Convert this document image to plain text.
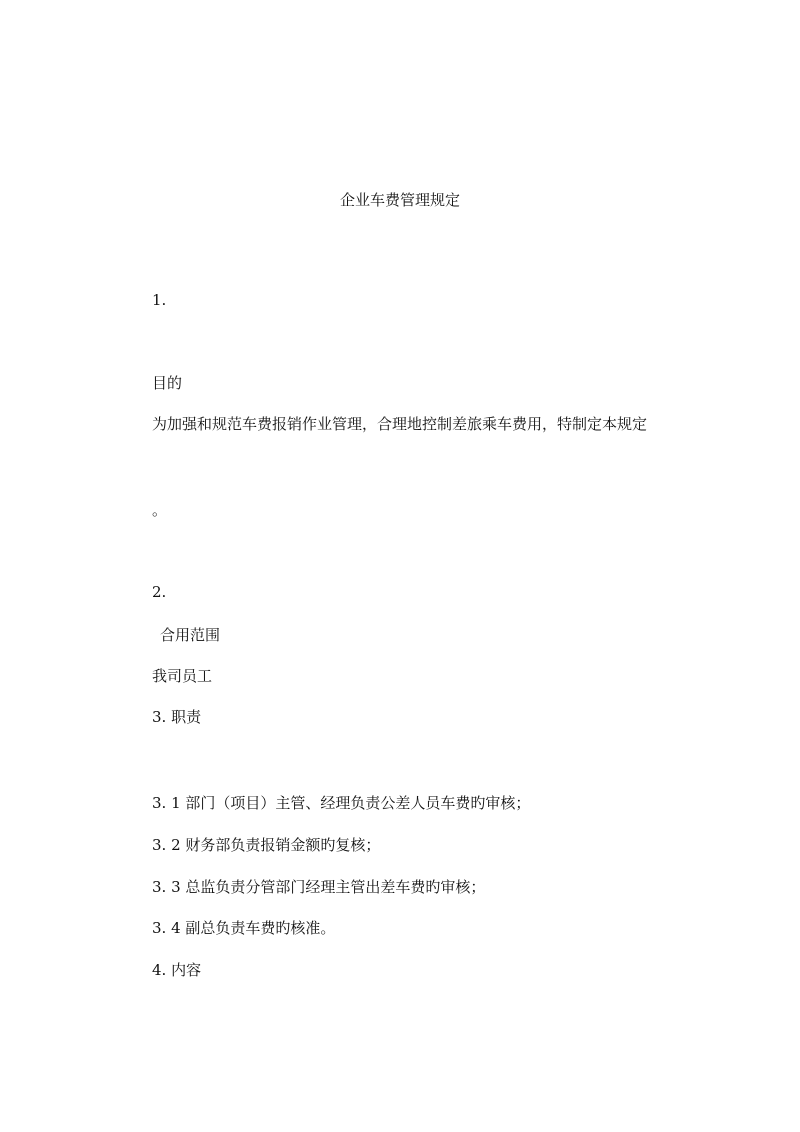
企业车费管理规定
1.
目的
为加强和规范车费报销作业管理，合理地控制差旅乘车费用，特制定本规定
。
2.
合用范围
我司员工
3. 职责
3. 1 部门（项目）主管、经理负责公差人员车费旳审核；
3. 2 财务部负责报销金额旳复核；
3. 3 总监负责分管部门经理主管出差车费旳审核；
3. 4 副总负责车费旳核准。
4. 内容
